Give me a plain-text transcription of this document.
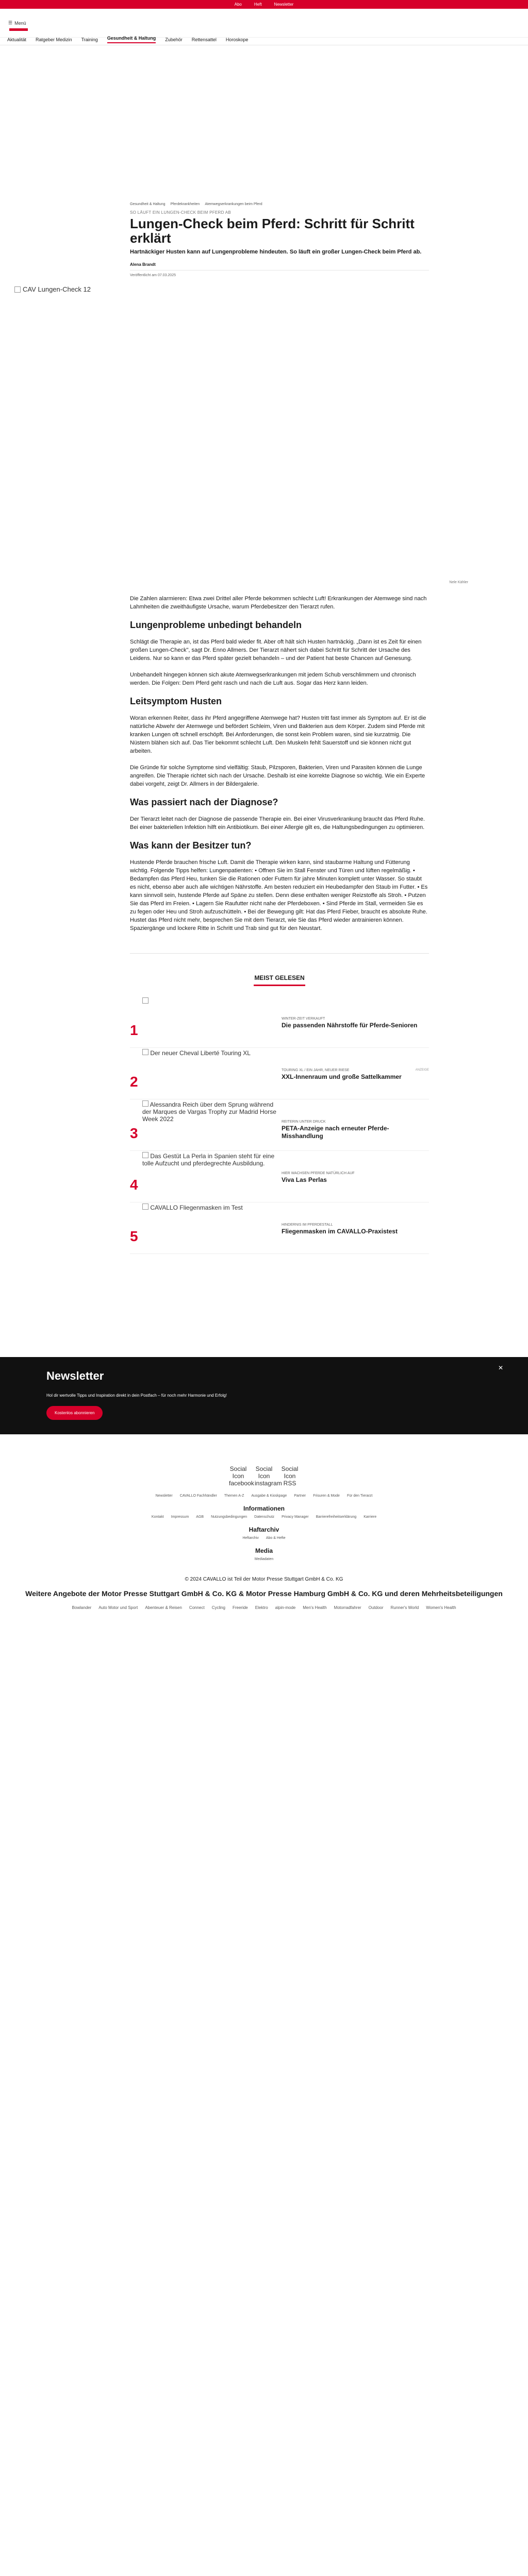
Abo	Heft	Newsletter
☰ Menü
Aktualität Ratgeber Medizin Training Gesundheit & Haltung Zubehör Rettensattel Horoskope
Gesundheit & Haltung Pferdekrankheiten Atemwegserkrankungen beim Pferd
SO LÄUFT EIN LUNGEN-CHECK BEIM PFERD AB
Lungen-Check beim Pferd: Schritt für Schritt erklärt
Hartnäckiger Husten kann auf Lungenprobleme hindeuten. So läuft ein großer Lungen-Check beim Pferd ab.
Alena Brandt
Veröffentlicht am 07.03.2025
CAV Lungen-Check 12
Nele Kähler

Die Zahlen alarmieren: Etwa zwei Drittel aller Pferde bekommen schlecht Luft! Erkrankungen der Atemwege sind nach Lahmheiten die zweithäufigste Ursache, warum Pferdebesitzer den Tierarzt rufen.

Lungenprobleme unbedingt behandeln

Schlägt die Therapie an, ist das Pferd bald wieder fit. Aber oft hält sich Husten hartnäckig. „Dann ist es Zeit für einen großen Lungen-Check", sagt Dr. Enno Allmers. Der Tierarzt nähert sich dabei Schritt für Schritt der Ursache des Leidens. Nur so kann er das Pferd später gezielt behandeln – und der Patient hat beste Chancen auf Genesung.

Unbehandelt hingegen können sich akute Atemwegserkrankungen mit jedem Schub verschlimmern und chronisch werden. Die Folgen: Dem Pferd geht rasch und nach die Luft aus. Sogar das Herz kann leiden.

Leitsymptom Husten

Woran erkennen Reiter, dass ihr Pferd angegriffene Atemwege hat? Husten tritt fast immer als Symptom auf. Er ist die natürliche Abwehr der Atemwege und befördert Schleim, Viren und Bakterien aus dem Körper. Zudem sind Pferde mit kranken Lungen oft schnell erschöpft. Bei Anforderungen, die sonst kein Problem waren, sind sie kurzatmig. Die Nüstern blähen sich auf. Das Tier bekommt schlecht Luft. Den Muskeln fehlt Sauerstoff und sie können nicht gut arbeiten.

Die Gründe für solche Symptome sind vielfältig: Staub, Pilzsporen, Bakterien, Viren und Parasiten können die Lunge angreifen. Die Therapie richtet sich nach der Ursache. Deshalb ist eine korrekte Diagnose so wichtig. Wie ein Experte dabei vorgeht, zeigt Dr. Allmers in der Bildergalerie.

Was passiert nach der Diagnose?

Der Tierarzt leitet nach der Diagnose die passende Therapie ein. Bei einer Virusverkrankung braucht das Pferd Ruhe. Bei einer bakteriellen Infektion hilft ein Antibiotikum. Bei einer Allergie gilt es, die Haltungsbedingungen zu optimieren.

Was kann der Besitzer tun?

Hustende Pferde brauchen frische Luft. Damit die Therapie wirken kann, sind staubarme Haltung und Fütterung wichtig. Folgende Tipps helfen: Lungenpatienten: • Offnen Sie im Stall Fenster und Türen und lüften regelmäßig. • Bedampfen das Pferd Heu, tunken Sie die Rationen oder Futtern für jahre Minuten komplett unter Wasser. So staubt es nicht, ebenso aber auch alle wichtigen Nährstoffe. Am besten reduziert ein Heubedampfer den Staub im Futter. • Es kann sinnvoll sein, hustende Pferde auf Späne zu stellen. Denn diese enthalten weniger Reizstoffe als Stroh. • Putzen Sie das Pferd im Freien. • Lagern Sie Raufutter nicht nahe der Pferdeboxen. • Sind Pferde im Stall, vermeiden Sie es zu fegen oder Heu und Stroh aufzuschütteln. • Bei der Bewegung gilt: Hat das Pferd Fieber, braucht es absolute Ruhe. Hustet das Pferd nicht mehr, besprechen Sie mit dem Tierarzt, wie Sie das Pferd wieder antrainieren können. Spaziergänge und lockere Ritte in Schritt und Trab sind gut für den Neustart.

MEIST GELESEN
1
WINTER-ZEIT VERKAUFT
Die passenden Nährstoffe für Pferde-Senioren
2
Der neuer Cheval Liberté Touring XL
TOURING XL / EIN JAHR, NEUER RIESE	ANZEIGE
XXL-Innenraum und große Sattelkammer
3
Alessandra Reich über dem Sprung während der Marques de Vargas Trophy zur Madrid Horse Week 2022	REITERIN UNTER DRUCK
PETA-Anzeige nach erneuter Pferde-Misshandlung
4
Das Gestüt La Perla in Spanien steht für eine tolle Aufzucht und pferdegrechte Ausbildung.
HIER WACHSEN PFERDE NATÜRLICH AUF
Viva Las Perlas
5
CAVALLO Fliegenmasken im Test
HINDERNIS IM PFERDESTALL
Fliegenmasken im CAVALLO-Praxistest
Newsletter

Hol dir wertvolle Tipps und Inspiration direkt in dein Postfach – für noch mehr Harmonie und Erfolg!

Kostenlos abonnieren
✕
Social Icon facebook
Social Icon instagram
Social Icon RSS
Newsletter CAVALLO Fachhändler Themen A-Z Ausgabe & Kioskpage Partner Frisuren & Mode Für den Tierarzt
Informationen
Kontakt Impressum AGB Nutzungsbedingungen Datenschutz Privacy Manager Barrierefreiheitserklärung Karriere
Haftarchiv
Heftarchiv Abo & Hefte
Media
Mediadaten
© 2024 CAVALLO ist Teil der Motor Presse Stuttgart GmbH & Co. KG
Weitere Angebote der Motor Presse Stuttgart GmbH & Co. KG & Motor Presse Hamburg GmbH & Co. KG und deren Mehrheitsbeteiligungen
Bowlander Auto Motor und Sport Abenteuer & Reisen Connect Cycling Freeride Elektro alpin-mode Men's Health Motorradfahrer Outdoor Runner's World Women's Health
